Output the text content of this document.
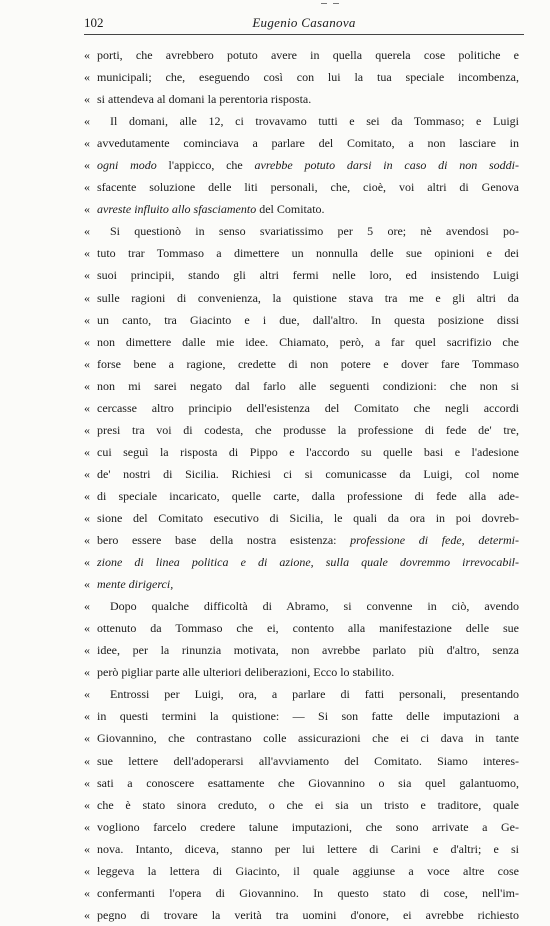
102	Eugenio Casanova
« porti, che avrebbero potuto avere in quella querela cose politiche e
« municipali; che, eseguendo così con lui la tua speciale incombenza,
« si attendeva al domani la perentoria risposta.
« Il domani, alle 12, ci trovavamo tutti e sei da Tommaso; e Luigi
« avvedutamente cominciava a parlare del Comitato, a non lasciare in
« ogni modo l'appicco, che avrebbe potuto darsi in caso di non soddi-
« sfacente soluzione delle liti personali, che, cioè, voi altri di Genova
« avreste influito allo sfasciamento del Comitato.
« Si questionò in senso svariatissimo per 5 ore; nè avendosi po-
« tuto trar Tommaso a dimettere un nonnulla delle sue opinioni e dei
« suoi principii, stando gli altri fermi nelle loro, ed insistendo Luigi
« sulle ragioni di convenienza, la quistione stava tra me e gli altri da
« un canto, tra Giacinto e i due, dall'altro. In questa posizione dissi
« non dimettere dalle mie idee. Chiamato, però, a far quel sacrifizio che
« forse bene a ragione, credette di non potere e dover fare Tommaso
« non mi sarei negato dal farlo alle seguenti condizioni: che non si
« cercasse altro principio dell'esistenza del Comitato che negli accordi
« presi tra voi di codesta, che produsse la professione di fede de' tre,
« cui seguì la risposta di Pippo e l'accordo su quelle basi e l'adesione
« de' nostri di Sicilia. Richiesi ci si comunicasse da Luigi, col nome
« di speciale incaricato, quelle carte, dalla professione di fede alla ade-
« sione del Comitato esecutivo di Sicilia, le quali da ora in poi dovreb-
« bero essere base della nostra esistenza: professione di fede, determi-
« zione di linea politica e di azione, sulla quale dovremmo irrevocabil-
« mente dirigerci,
« Dopo qualche difficoltà di Abramo, si convenne in ciò, avendo
« ottenuto da Tommaso che ei, contento alla manifestazione delle sue
« idee, per la rinunzia motivata, non avrebbe parlato più d'altro, senza
« però pigliar parte alle ulteriori deliberazioni, Ecco lo stabilito.
« Entrossi per Luigi, ora, a parlare di fatti personali, presentando
« in questi termini la quistione: — Si son fatte delle imputazioni a
« Giovannino, che contrastano colle assicurazioni che ei ci dava in tante
« sue lettere dell'adoperarsi all'avviamento del Comitato. Siamo interes-
« sati a conoscere esattamente che Giovannino o sia quel galantuomo,
« che è stato sinora creduto, o che ei sia un tristo e traditore, quale
« vogliono farcelo credere talune imputazioni, che sono arrivate a Ge-
« nova. Intanto, diceva, stanno per lui lettere di Carini e d'altri; e si
« leggeva la lettera di Giacinto, il quale aggiunse a voce altre cose
« confermanti l'opera di Giovannino. In questo stato di cose, nell'im-
« pegno di trovare la verità tra uomini d'onore, ei avrebbe richiesto
